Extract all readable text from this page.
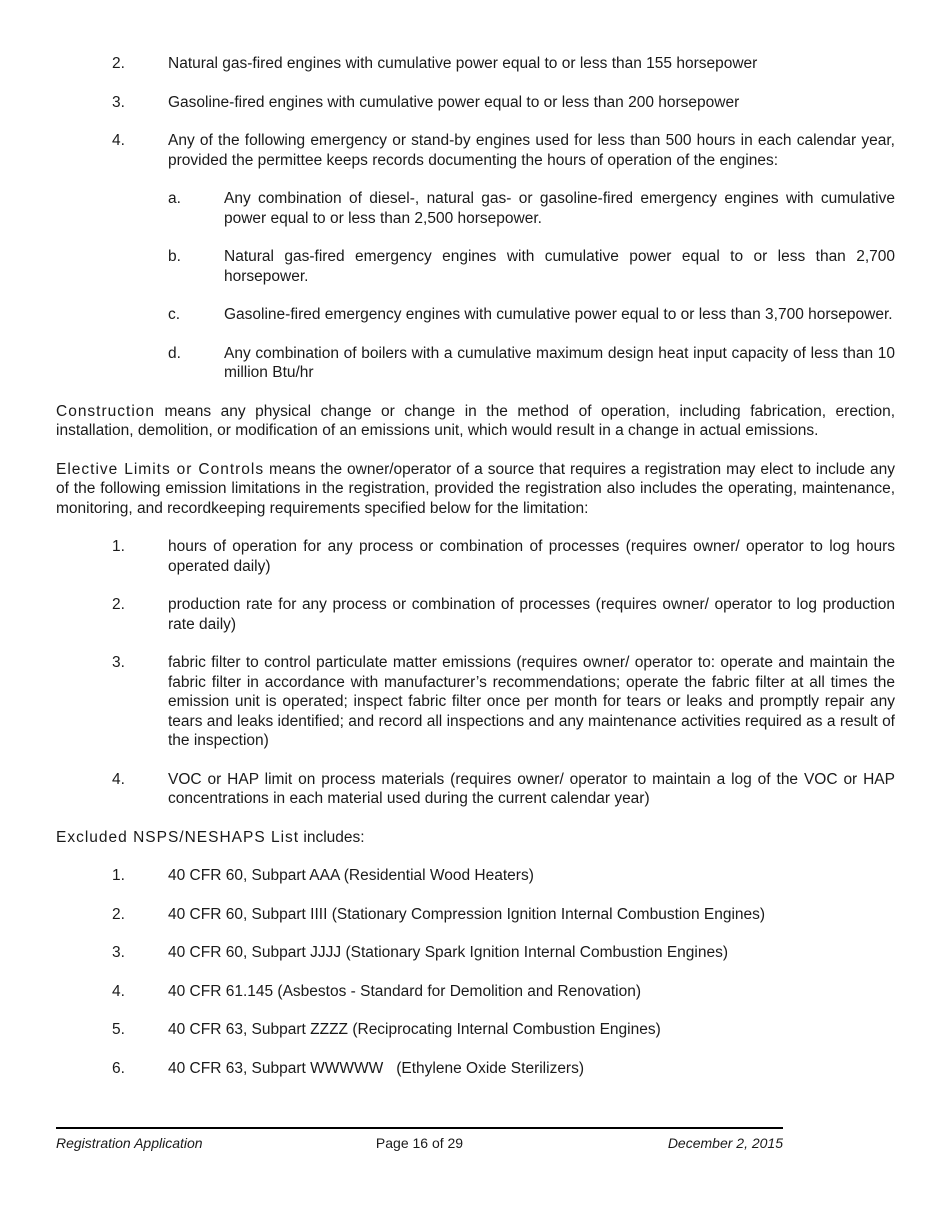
2.	Natural gas-fired engines with cumulative power equal to or less than 155 horsepower
3.	Gasoline-fired engines with cumulative power equal to or less than 200 horsepower
4.	Any of the following emergency or stand-by engines used for less than 500 hours in each calendar year, provided the permittee keeps records documenting the hours of operation of the engines:
a.	Any combination of diesel-, natural gas- or gasoline-fired emergency engines with cumulative power equal to or less than 2,500 horsepower.
b.	Natural gas-fired emergency engines with cumulative power equal to or less than 2,700 horsepower.
c.	Gasoline-fired emergency engines with cumulative power equal to or less than 3,700 horsepower.
d.	Any combination of boilers with a cumulative maximum design heat input capacity of less than 10 million Btu/hr

Construction means any physical change or change in the method of operation, including fabrication, erection, installation, demolition, or modification of an emissions unit, which would result in a change in actual emissions.

Elective Limits or Controls means the owner/operator of a source that requires a registration may elect to include any of the following emission limitations in the registration, provided the registration also includes the operating, maintenance, monitoring, and recordkeeping requirements specified below for the limitation:

1.	hours of operation for any process or combination of processes (requires owner/ operator to log hours operated daily)
2.	production rate for any process or combination of processes (requires owner/ operator to log production rate daily)
3.	fabric filter to control particulate matter emissions (requires owner/ operator to: operate and maintain the fabric filter in accordance with manufacturer’s recommendations; operate the fabric filter at all times the emission unit is operated; inspect fabric filter once per month for tears or leaks and promptly repair any tears and leaks identified; and record all inspections and any maintenance activities required as a result of the inspection)
4.	VOC or HAP limit on process materials (requires owner/ operator to maintain a log of the VOC or HAP concentrations in each material used during the current calendar year)

Excluded NSPS/NESHAPS List includes:

1.	40 CFR 60, Subpart AAA (Residential Wood Heaters)
2.	40 CFR 60, Subpart IIII (Stationary Compression Ignition Internal Combustion Engines)
3.	40 CFR 60, Subpart JJJJ (Stationary Spark Ignition Internal Combustion Engines)
4.	40 CFR 61.145 (Asbestos - Standard for Demolition and Renovation)
5.	40 CFR 63, Subpart ZZZZ (Reciprocating Internal Combustion Engines)
6.	40 CFR 63, Subpart WWWWW   (Ethylene Oxide Sterilizers)
Registration Application	Page 16 of 29	December 2, 2015
